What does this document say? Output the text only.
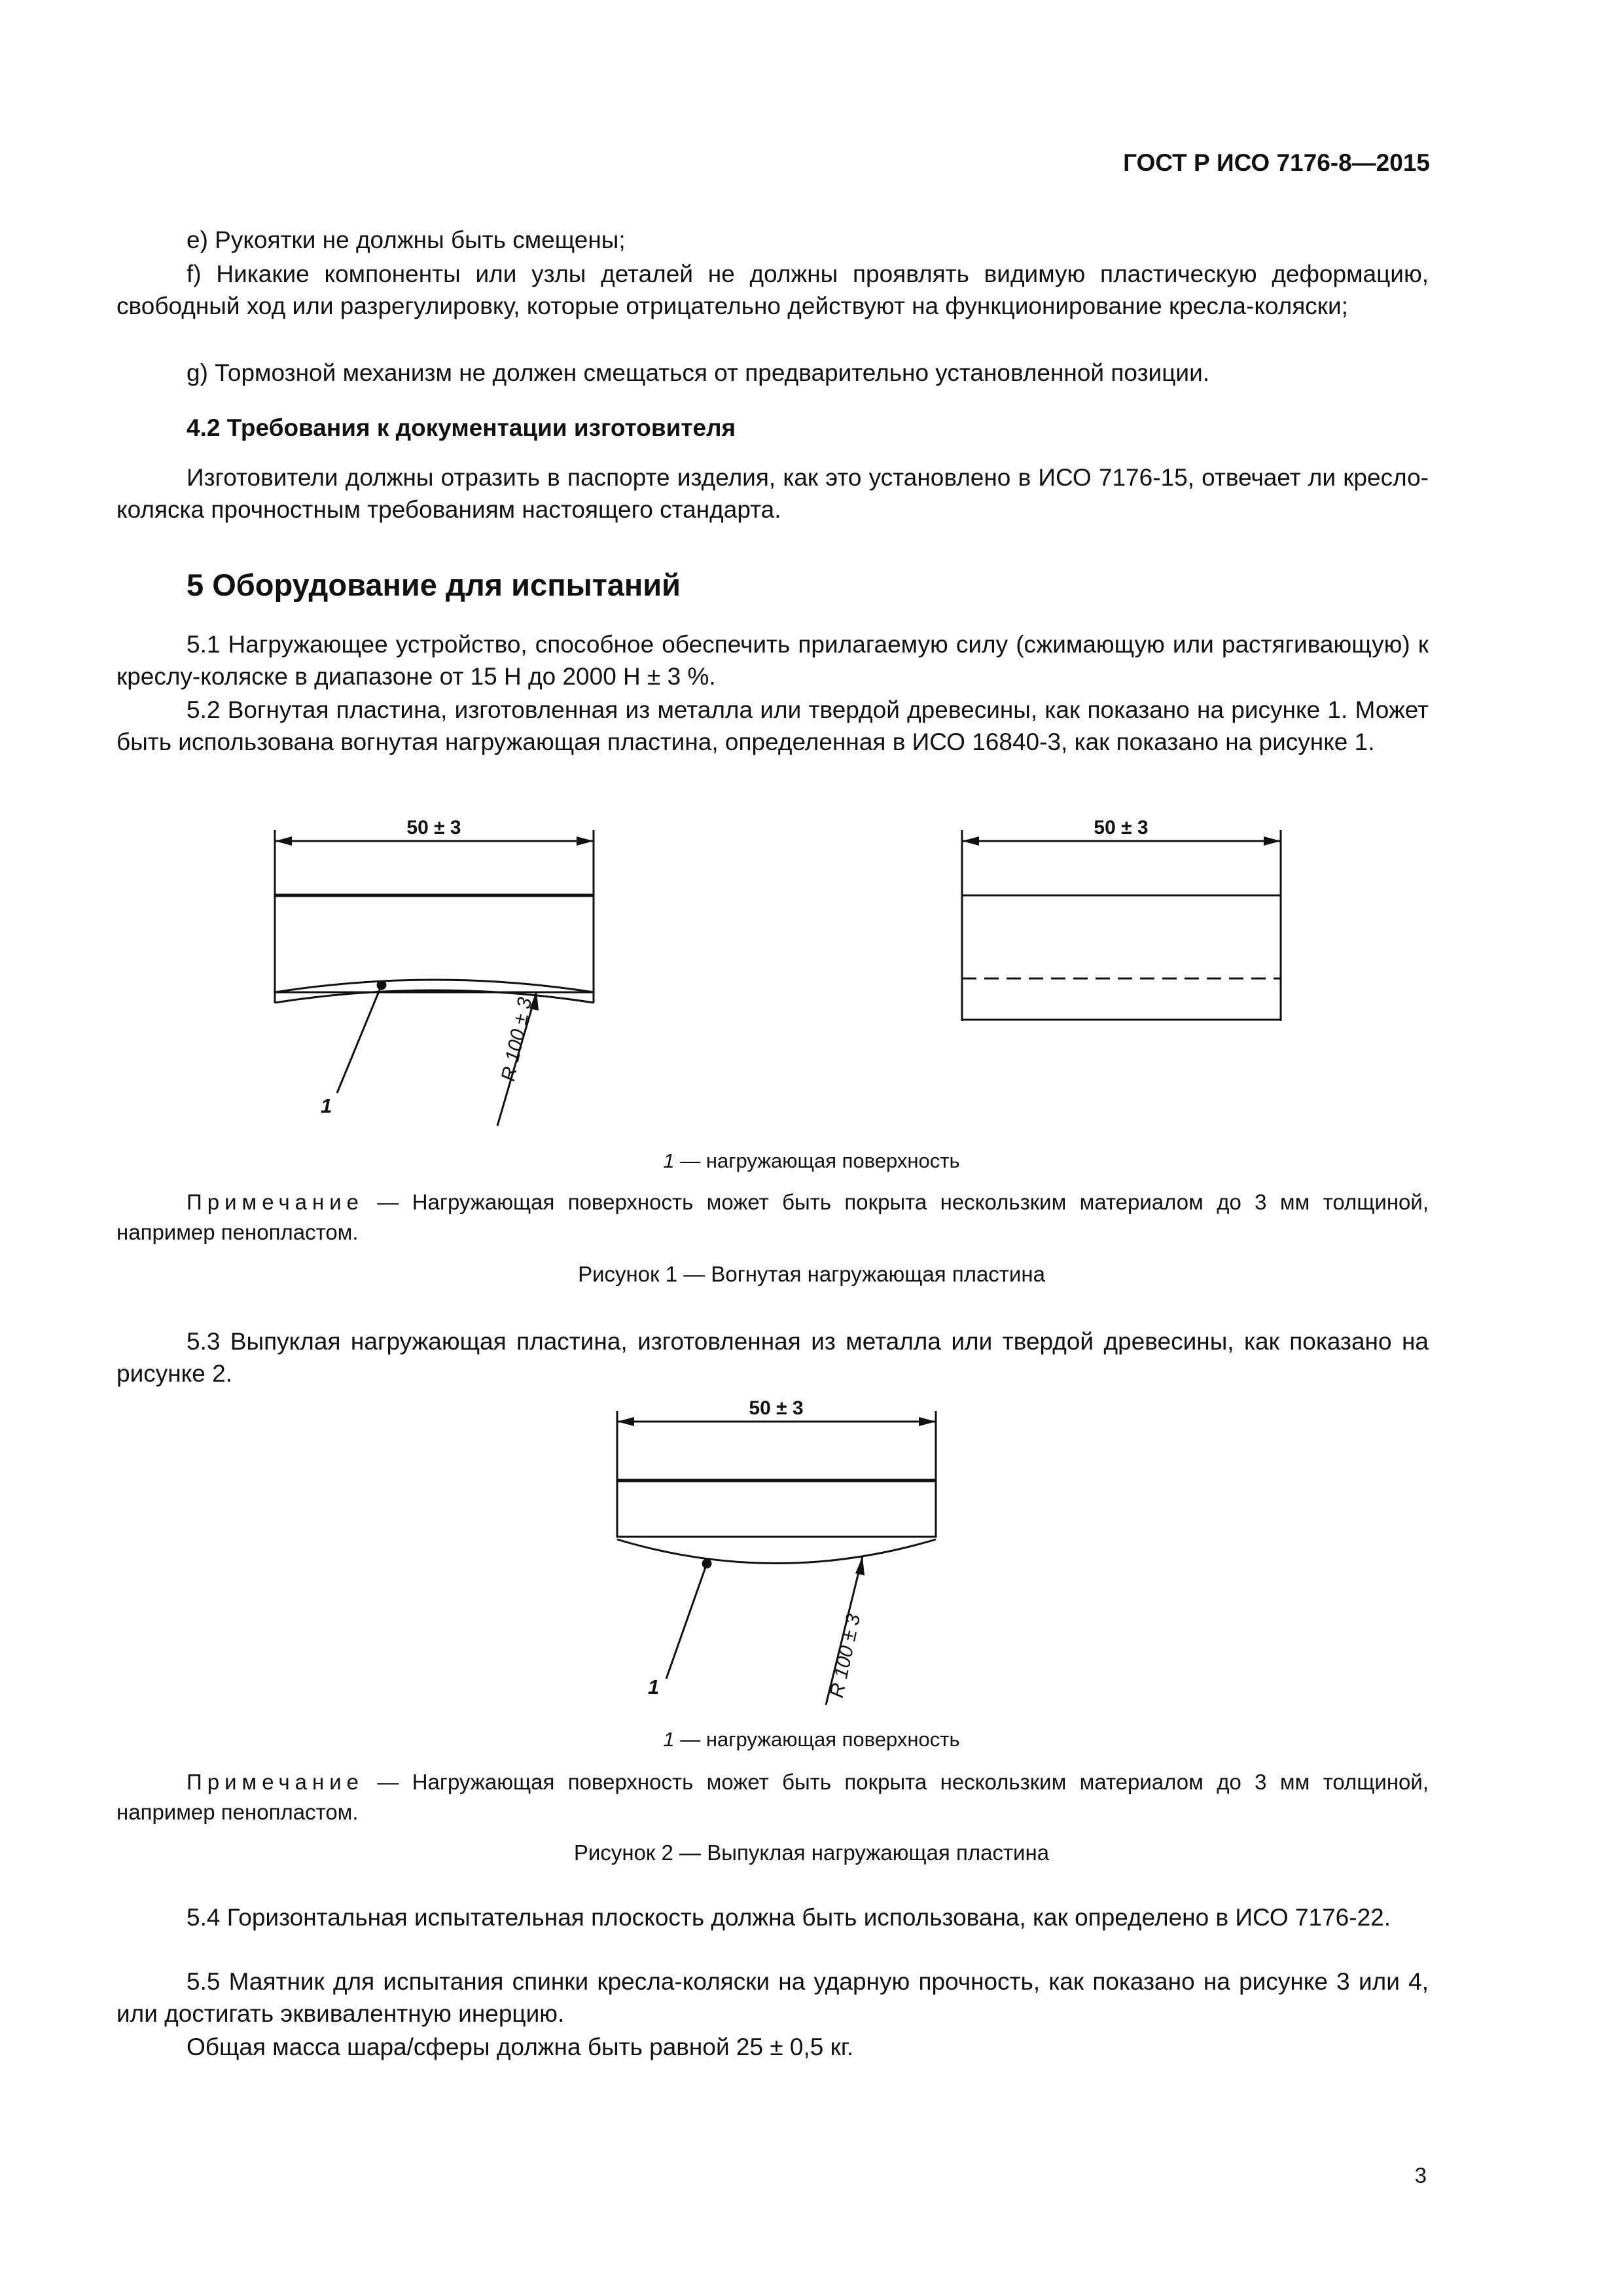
ГОСТ Р ИСО 7176-8—2015
е) Рукоятки не должны быть смещены;
f) Никакие компоненты или узлы деталей не должны проявлять видимую пластическую деформацию, свободный ход или разрегулировку, которые отрицательно действуют на функционирование кресла-коляски;
g) Тормозной механизм не должен смещаться от предварительно установленной позиции.
4.2 Требования к документации изготовителя
Изготовители должны отразить в паспорте изделия, как это установлено в ИСО 7176-15, отвечает ли кресло-коляска прочностным требованиям настоящего стандарта.
5 Оборудование для испытаний
5.1 Нагружающее устройство, способное обеспечить прилагаемую силу (сжимающую или растягивающую) к креслу-коляске в диапазоне от 15 Н до 2000 Н ± 3 %.
5.2 Вогнутая пластина, изготовленная из металла или твердой древесины, как показано на рисунке 1. Может быть использована вогнутая нагружающая пластина, определенная в ИСО 16840-3, как показано на рисунке 1.
50 ± 3	50 ± 3
R 100 ± 3
1
1 — нагружающая поверхность
Примечание — Нагружающая поверхность может быть покрыта нескользким материалом до 3 мм толщиной, например пенопластом.
Рисунок 1 — Вогнутая нагружающая пластина
5.3 Выпуклая нагружающая пластина, изготовленная из металла или твердой древесины, как показано на рисунке 2.
50 ± 3
R 100 ± 3
1
1 — нагружающая поверхность
Примечание — Нагружающая поверхность может быть покрыта нескользким материалом до 3 мм толщиной, например пенопластом.
Рисунок 2 — Выпуклая нагружающая пластина
5.4 Горизонтальная испытательная плоскость должна быть использована, как определено в ИСО 7176-22.
5.5 Маятник для испытания спинки кресла-коляски на ударную прочность, как показано на рисунке 3 или 4, или достигать эквивалентную инерцию.
Общая масса шара/сферы должна быть равной 25 ± 0,5 кг.
3
